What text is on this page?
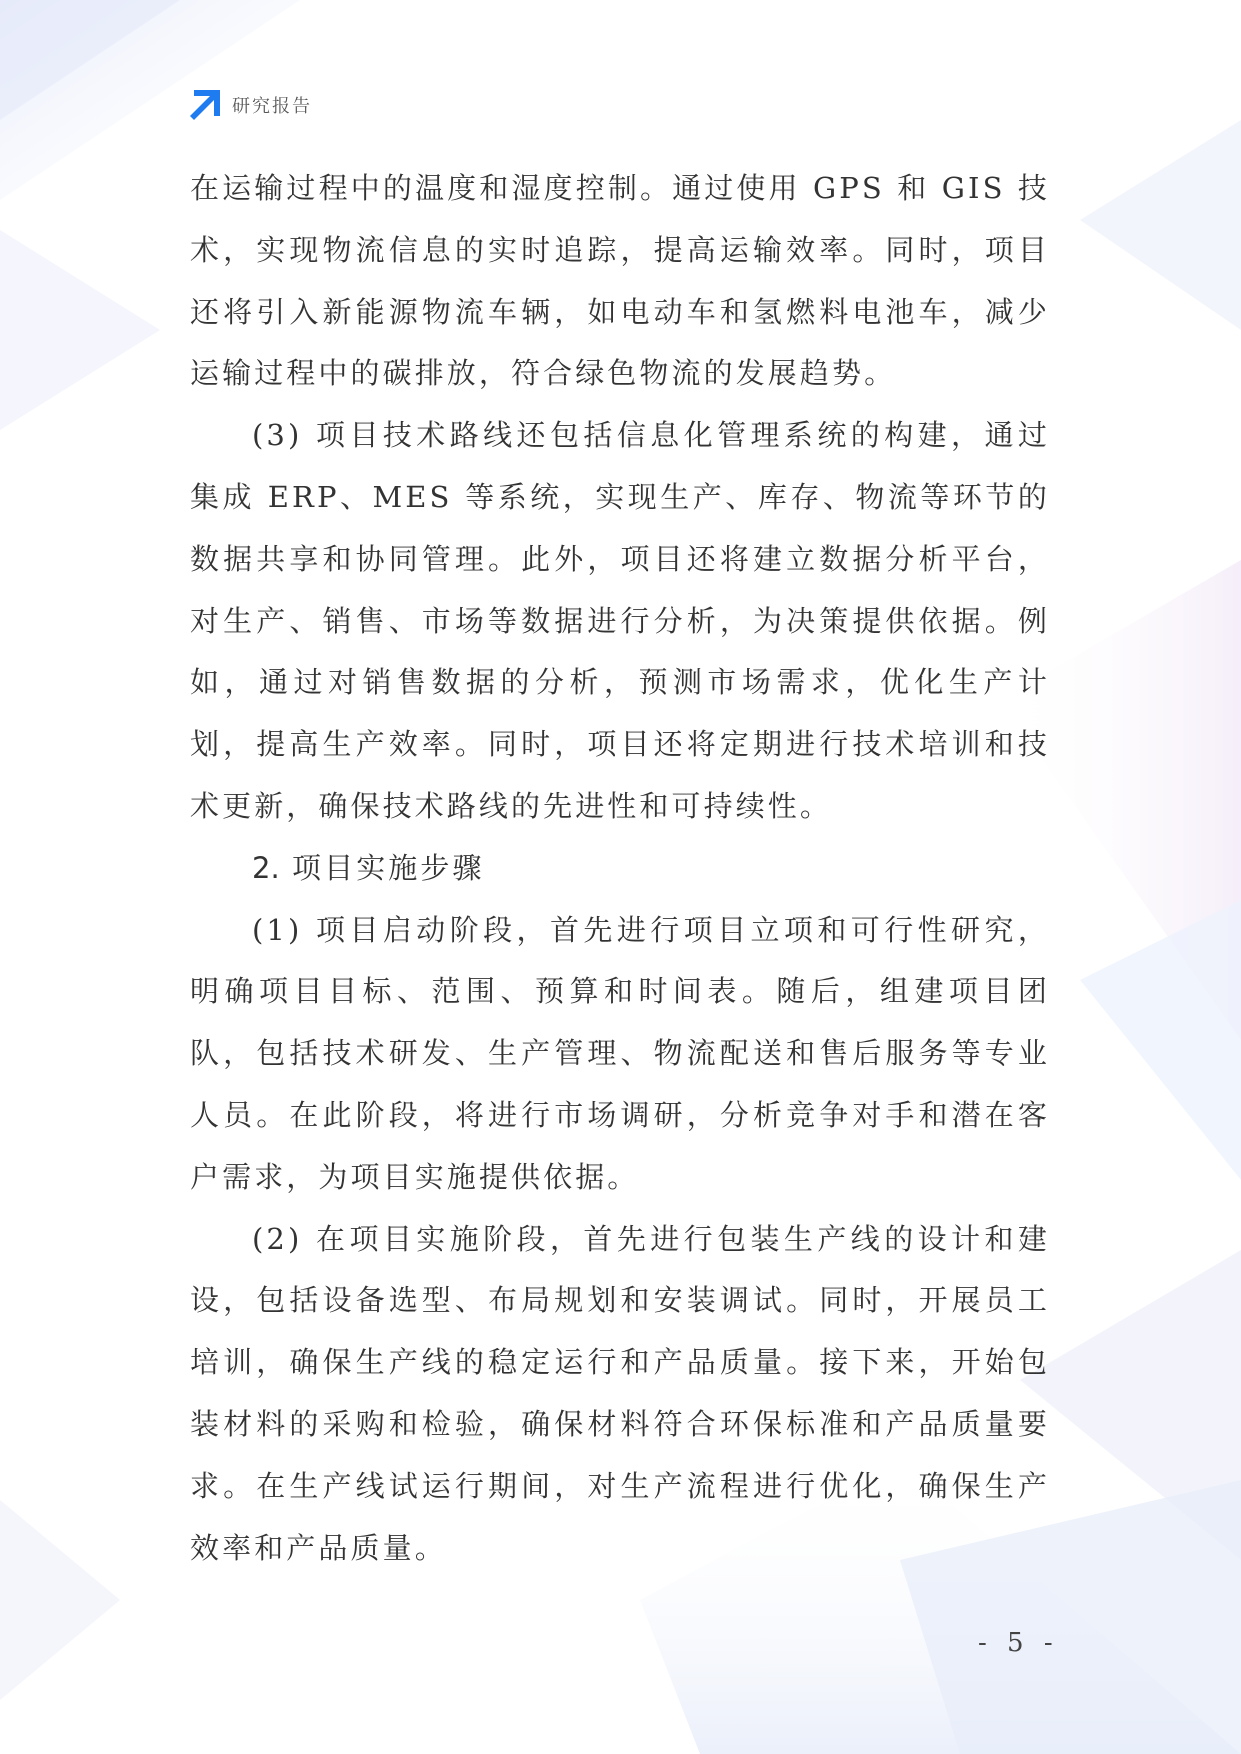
研究报告

在运输过程中的温度和湿度控制。通过使用 GPS 和 GIS 技术，实现物流信息的实时追踪，提高运输效率。同时，项目还将引入新能源物流车辆，如电动车和氢燃料电池车，减少运输过程中的碳排放，符合绿色物流的发展趋势。

(3) 项目技术路线还包括信息化管理系统的构建，通过集成 ERP、MES 等系统，实现生产、库存、物流等环节的数据共享和协同管理。此外，项目还将建立数据分析平台，对生产、销售、市场等数据进行分析，为决策提供依据。例如，通过对销售数据的分析，预测市场需求，优化生产计划，提高生产效率。同时，项目还将定期进行技术培训和技术更新，确保技术路线的先进性和可持续性。

2. 项目实施步骤

(1) 项目启动阶段，首先进行项目立项和可行性研究，明确项目目标、范围、预算和时间表。随后，组建项目团队，包括技术研发、生产管理、物流配送和售后服务等专业人员。在此阶段，将进行市场调研，分析竞争对手和潜在客户需求，为项目实施提供依据。

(2) 在项目实施阶段，首先进行包装生产线的设计和建设，包括设备选型、布局规划和安装调试。同时，开展员工培训，确保生产线的稳定运行和产品质量。接下来，开始包装材料的采购和检验，确保材料符合环保标准和产品质量要求。在生产线试运行期间，对生产流程进行优化，确保生产效率和产品质量。

- 5 -
